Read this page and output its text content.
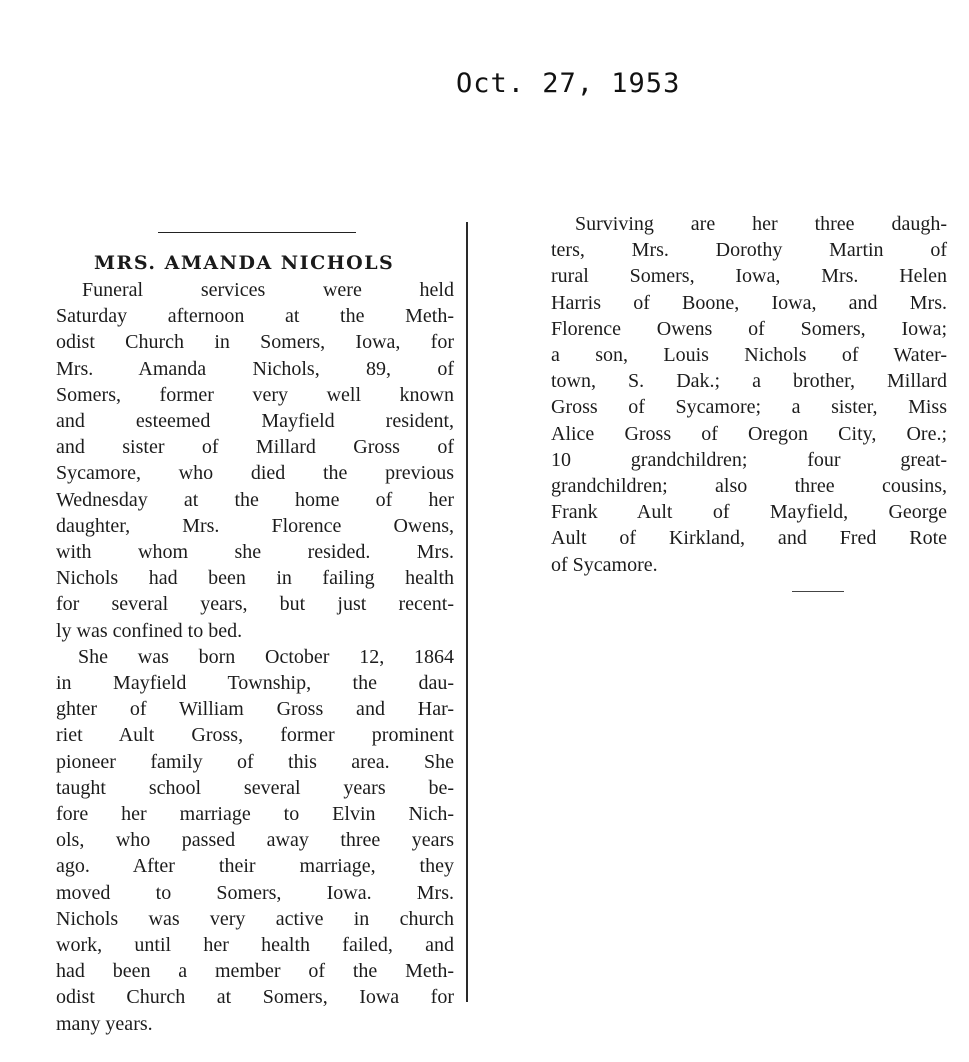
Oct. 27, 1953
MRS. AMANDA NICHOLS
Funeral services were held
Saturday afternoon at the Meth-
odist Church in Somers, Iowa, for
Mrs. Amanda Nichols, 89, of
Somers, former very well known
and esteemed Mayfield resident,
and sister of Millard Gross of
Sycamore, who died the previous
Wednesday at the home of her
daughter, Mrs. Florence Owens,
with whom she resided. Mrs.
Nichols had been in failing health
for several years, but just recent-
ly was confined to bed.
She was born October 12, 1864
in Mayfield Township, the dau-
ghter of William Gross and Har-
riet Ault Gross, former prominent
pioneer family of this area. She
taught school several years be-
fore her marriage to Elvin Nich-
ols, who passed away three years
ago. After their marriage, they
moved to Somers, Iowa. Mrs.
Nichols was very active in church
work, until her health failed, and
had been a member of the Meth-
odist Church at Somers, Iowa for
many years.
Surviving are her three daugh-
ters, Mrs. Dorothy Martin of
rural Somers, Iowa, Mrs. Helen
Harris of Boone, Iowa, and Mrs.
Florence Owens of Somers, Iowa;
a son, Louis Nichols of Water-
town, S. Dak.; a brother, Millard
Gross of Sycamore; a sister, Miss
Alice Gross of Oregon City, Ore.;
10 grandchildren; four great-
grandchildren; also three cousins,
Frank Ault of Mayfield, George
Ault of Kirkland, and Fred Rote
of Sycamore.
